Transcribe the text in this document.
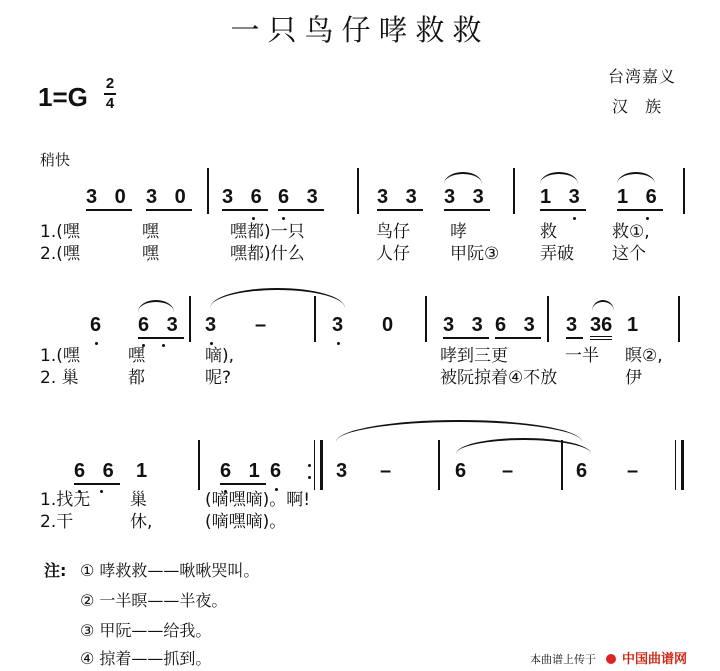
一只鸟仔哮救救
1=G 2
4
台湾嘉义
汉 族
稍快
3 0 3 0 3 6 6 3	3 3 3 3	1 3 1 6
1.(嘿	嘿	嘿都)一只	鸟仔 哮	救	救①,
2.(嘿	嘿	嘿都)什么	人仔 甲阮③ 弄破 这个
6 6 3 3 –	3 0 3 3 6 3 3 36 1
1.(嘿	嘿	嘀),	哮到三更	一半 暝②,
2. 巢	都	呢?	被阮掠着④不放	伊
6 6 1	6 1 6 3 –	6 –	6 –
1.找无 巢	(嘀嘿嘀)。啊!
2.干	休,	(嘀嘿嘀)。
注: ① 哮救救——啾啾哭叫。
② 一半暝——半夜。
③ 甲阮——给我。
④ 掠着——抓到。	本曲谱上传于 中国曲谱网
